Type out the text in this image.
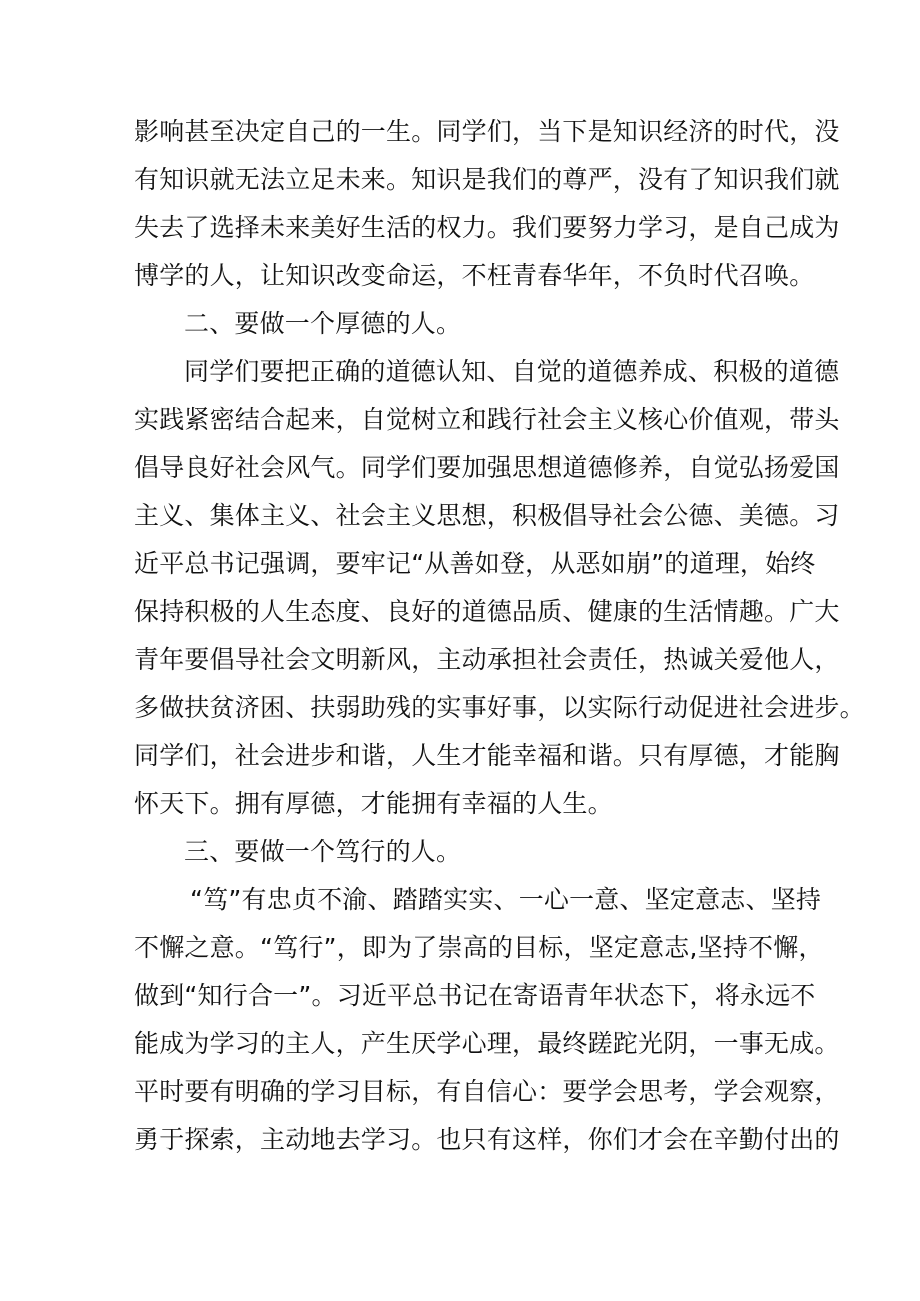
影响甚至决定自己的一生。同学们，当下是知识经济的时代，没
有知识就无法立足未来。知识是我们的尊严，没有了知识我们就
失去了选择未来美好生活的权力。我们要努力学习，是自己成为
博学的人，让知识改变命运，不枉青春华年，不负时代召唤。
二、要做一个厚德的人。
同学们要把正确的道德认知、自觉的道德养成、积极的道德
实践紧密结合起来，自觉树立和践行社会主义核心价值观，带头
倡导良好社会风气。同学们要加强思想道德修养，自觉弘扬爱国
主义、集体主义、社会主义思想，积极倡导社会公德、美德。习
近平总书记强调，要牢记“从善如登，从恶如崩”的道理，始终
保持积极的人生态度、良好的道德品质、健康的生活情趣。广大
青年要倡导社会文明新风，主动承担社会责任，热诚关爱他人，
多做扶贫济困、扶弱助残的实事好事，以实际行动促进社会进步。
同学们，社会进步和谐，人生才能幸福和谐。只有厚德，才能胸
怀天下。拥有厚德，才能拥有幸福的人生。
三、要做一个笃行的人。
“笃”有忠贞不渝、踏踏实实、一心一意、坚定意志、坚持
不懈之意。“笃行”，即为了崇高的目标，坚定意志,坚持不懈，
做到“知行合一”。习近平总书记在寄语青年状态下，将永远不
能成为学习的主人，产生厌学心理，最终蹉跎光阴，一事无成。
平时要有明确的学习目标，有自信心：要学会思考，学会观察，
勇于探索，主动地去学习。也只有这样，你们才会在辛勤付出的
